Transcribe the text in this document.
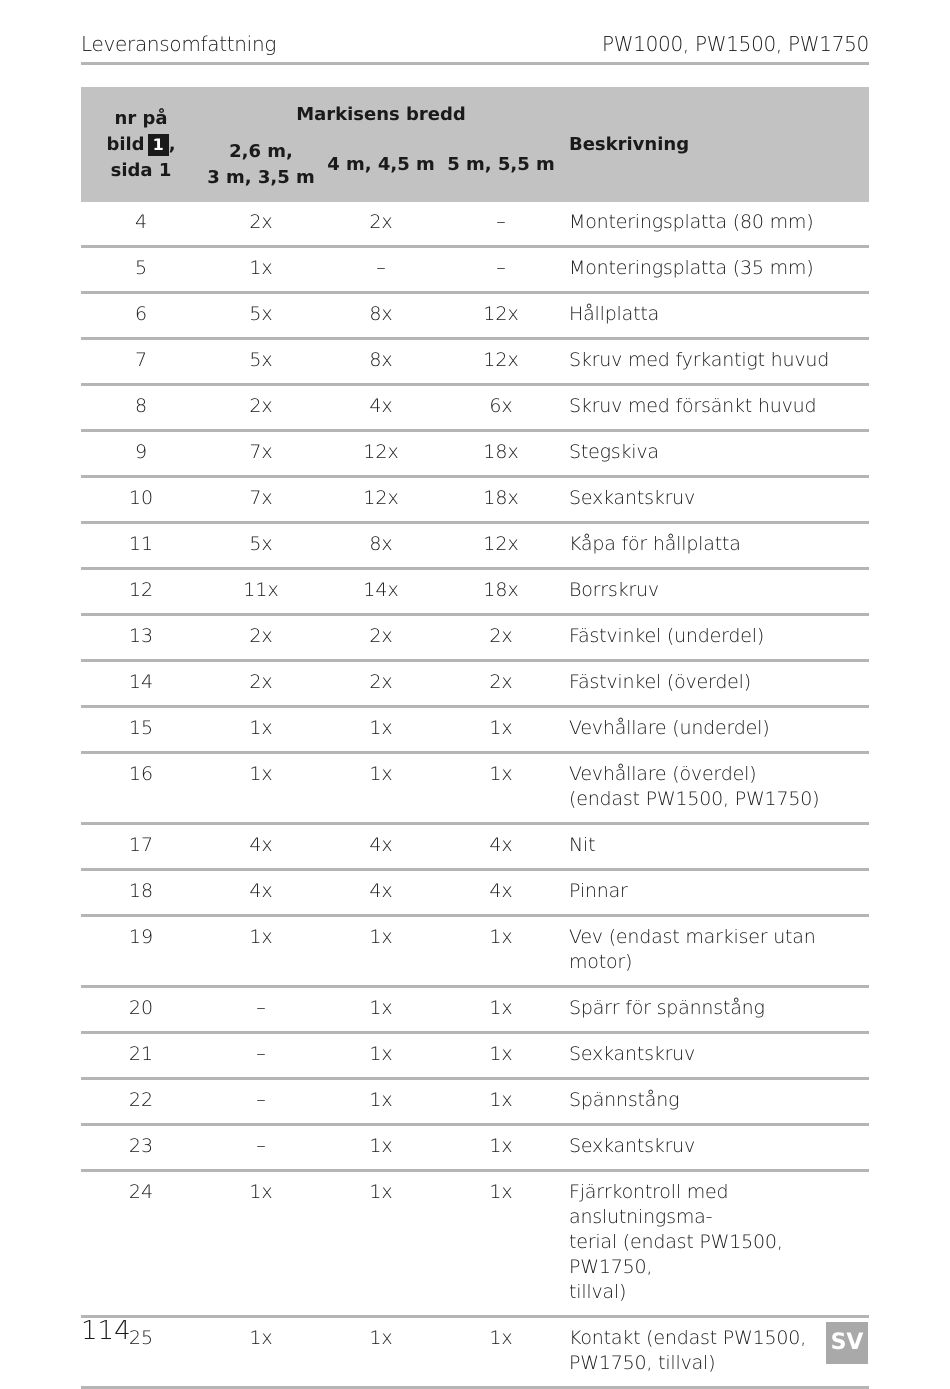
Leveransomfattning	PW1000, PW1500, PW1750
nr på
bild 1 ,
sida 1	Markisens bredd			Beskrivning
	2,6 m,
3 m, 3,5 m	4 m, 4,5 m	5 m, 5,5 m	
4	2x	2x	–	Monteringsplatta (80 mm)
5	1x	–	–	Monteringsplatta (35 mm)
6	5x	8x	12x	Hållplatta
7	5x	8x	12x	Skruv med fyrkantigt huvud
8	2x	4x	6x	Skruv med försänkt huvud
9	7x	12x	18x	Stegskiva
10	7x	12x	18x	Sexkantskruv
11	5x	8x	12x	Kåpa för hållplatta
12	11x	14x	18x	Borrskruv
13	2x	2x	2x	Fästvinkel (underdel)
14	2x	2x	2x	Fästvinkel (överdel)
15	1x	1x	1x	Vevhållare (underdel)
16	1x	1x	1x	Vevhållare (överdel)
(endast PW1500, PW1750)
17	4x	4x	4x	Nit
18	4x	4x	4x	Pinnar
19	1x	1x	1x	Vev (endast markiser utan motor)
20	–	1x	1x	Spärr för spännstång
21	–	1x	1x	Sexkantskruv
22	–	1x	1x	Spännstång
23	–	1x	1x	Sexkantskruv
24	1x	1x	1x	Fjärrkontroll med anslutningsma-
terial (endast PW1500, PW1750,
tillval)
25	1x	1x	1x	Kontakt (endast PW1500,
PW1750, tillval)
114	SV
